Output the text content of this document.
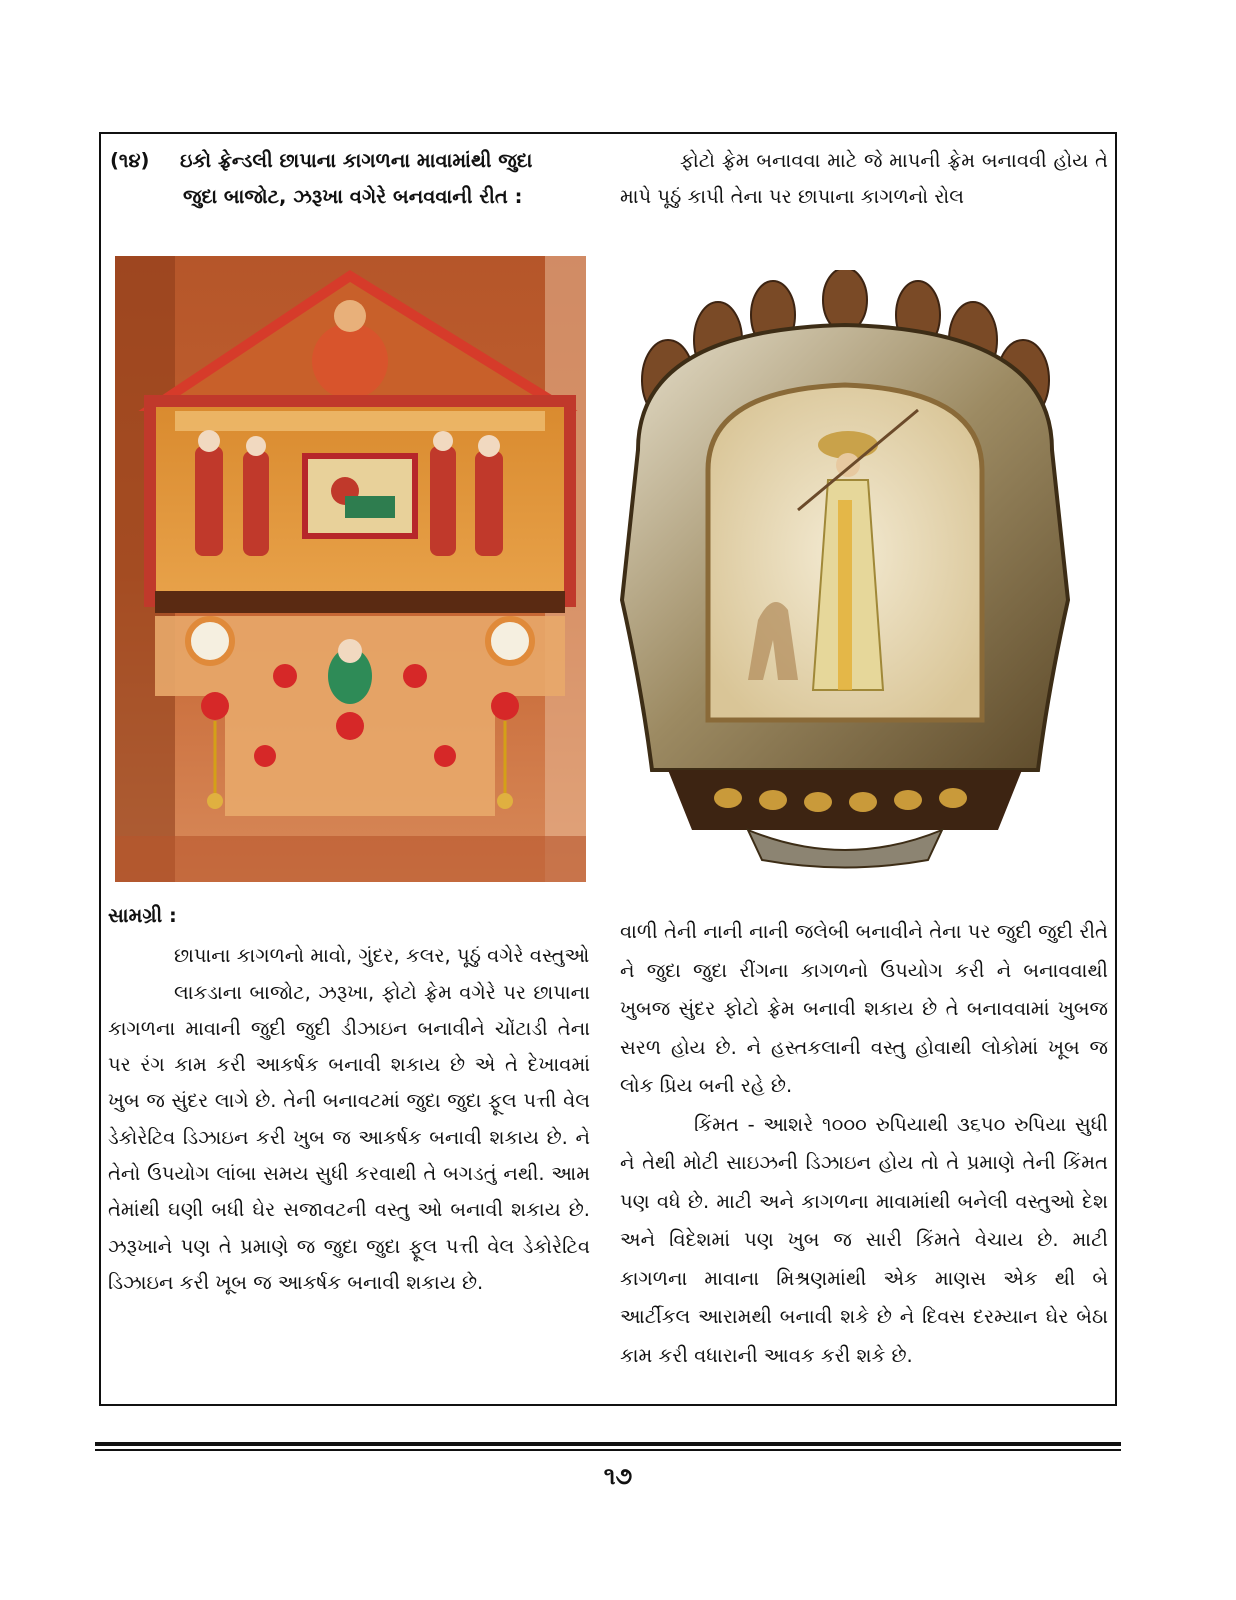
(૧૪) ઇકો ફ્રેન્ડલી છાપાના કાગળના માવામાંથી જુદા
જુદા બાજોટ, ઝરૂખા વગેરે બનવવાની રીત :

ફોટો ફ્રેમ બનાવવા માટે જે માપની ફ્રેમ બનાવવી હોય તે માપે પૂઠું કાપી તેના પર છાપાના કાગળનો રોલ

સામગ્રી :

છાપાના કાગળનો માવો, ગુંદર, કલર, પૂઠું વગેરે વસ્તુઓ

લાકડાના બાજોટ, ઝરૂખા, ફોટો ફ્રેમ વગેરે પર છાપાના કાગળના માવાની જુદી જુદી ડીઝાઇન બનાવીને ચોંટાડી તેના પર રંગ કામ કરી આકર્ષક બનાવી શકાય છે એ તે દેખાવમાં ખુબ જ સુંદર લાગે છે. તેની બનાવટમાં જુદા જુદા ફૂલ પત્તી વેલ ડેકોરેટિવ ડિઝાઇન કરી ખુબ જ આકર્ષક બનાવી શકાય છે. ને તેનો ઉપયોગ લાંબા સમય સુધી કરવાથી તે બગડતું નથી. આમ તેમાંથી ઘણી બધી ઘેર સજાવટની વસ્તુ ઓ બનાવી શકાય છે. ઝરૂખાને પણ તે પ્રમાણે જ જુદા જુદા ફૂલ પત્તી વેલ ડેકોરેટિવ ડિઝાઇન કરી ખૂબ જ આકર્ષક બનાવી શકાય છે.

વાળી તેની નાની નાની જલેબી બનાવીને તેના પર જુદી જુદી રીતે ને જુદા જુદા રીંગના કાગળનો ઉપયોગ કરી ને બનાવવાથી ખુબજ સુંદર ફોટો ફ્રેમ બનાવી શકાય છે તે બનાવવામાં ખુબજ સરળ હોય છે. ને હસ્તકલાની વસ્તુ હોવાથી લોકોમાં ખૂબ જ લોક પ્રિય બની રહે છે.

કિંમત - આશરે ૧૦૦૦ રુપિયાથી ૩૬૫૦ રુપિયા સુધી ને તેથી મોટી સાઇઝની ડિઝાઇન હોય તો તે પ્રમાણે તેની કિંમત પણ વધે છે. માટી અને કાગળના માવામાંથી બનેલી વસ્તુઓ દેશ અને વિદેશમાં પણ ખુબ જ સારી કિંમતે વેચાય છે. માટી કાગળના માવાના મિશ્રણમાંથી એક માણસ એક થી બે આર્ટીકલ આરામથી બનાવી શકે છે ને દિવસ દરમ્યાન ઘેર બેઠા કામ કરી વધારાની આવક કરી શકે છે.

૧૭
